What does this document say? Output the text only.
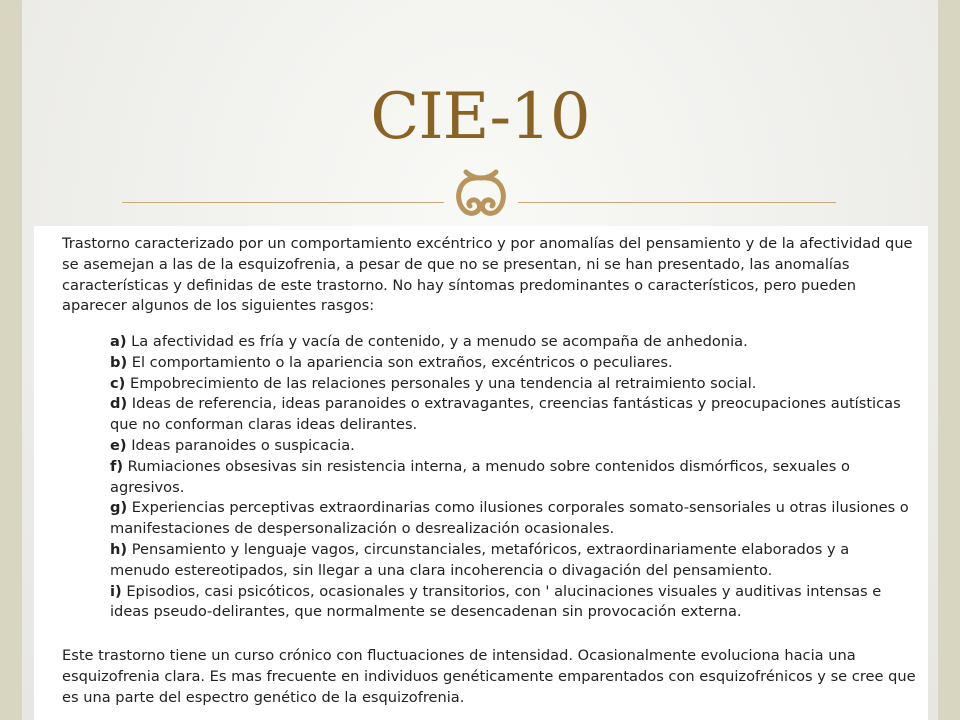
CIE-10

Trastorno caracterizado por un comportamiento excéntrico y por anomalías del pensamiento y de la afectividad que se asemejan a las de la esquizofrenia, a pesar de que no se presentan, ni se han presentado, las anomalías características y definidas de este trastorno. No hay síntomas predominantes o característicos, pero pueden aparecer algunos de los siguientes rasgos:

a) La afectividad es fría y vacía de contenido, y a menudo se acompaña de anhedonia.
b) El comportamiento o la apariencia son extraños, excéntricos o peculiares.
c) Empobrecimiento de las relaciones personales y una tendencia al retraimiento social.
d) Ideas de referencia, ideas paranoides o extravagantes, creencias fantásticas y preocupaciones autísticas que no conforman claras ideas delirantes.
e) Ideas paranoides o suspicacia.
f) Rumiaciones obsesivas sin resistencia interna, a menudo sobre contenidos dismórficos, sexuales o agresivos.
g) Experiencias perceptivas extraordinarias como ilusiones corporales somato-sensoriales u otras ilusiones o manifestaciones de despersonalización o desrealización ocasionales.
h) Pensamiento y lenguaje vagos, circunstanciales, metafóricos, extraordinariamente elaborados y a menudo estereotipados, sin llegar a una clara incoherencia o divagación del pensamiento.
i) Episodios, casi psicóticos, ocasionales y transitorios, con ' alucinaciones visuales y auditivas intensas e ideas pseudo-delirantes, que normalmente se desencadenan sin provocación externa.

Este trastorno tiene un curso crónico con fluctuaciones de intensidad. Ocasionalmente evoluciona hacia una esquizofrenia clara. Es mas frecuente en individuos genéticamente emparentados con esquizofrénicos y se cree que es una parte del espectro genético de la esquizofrenia.
